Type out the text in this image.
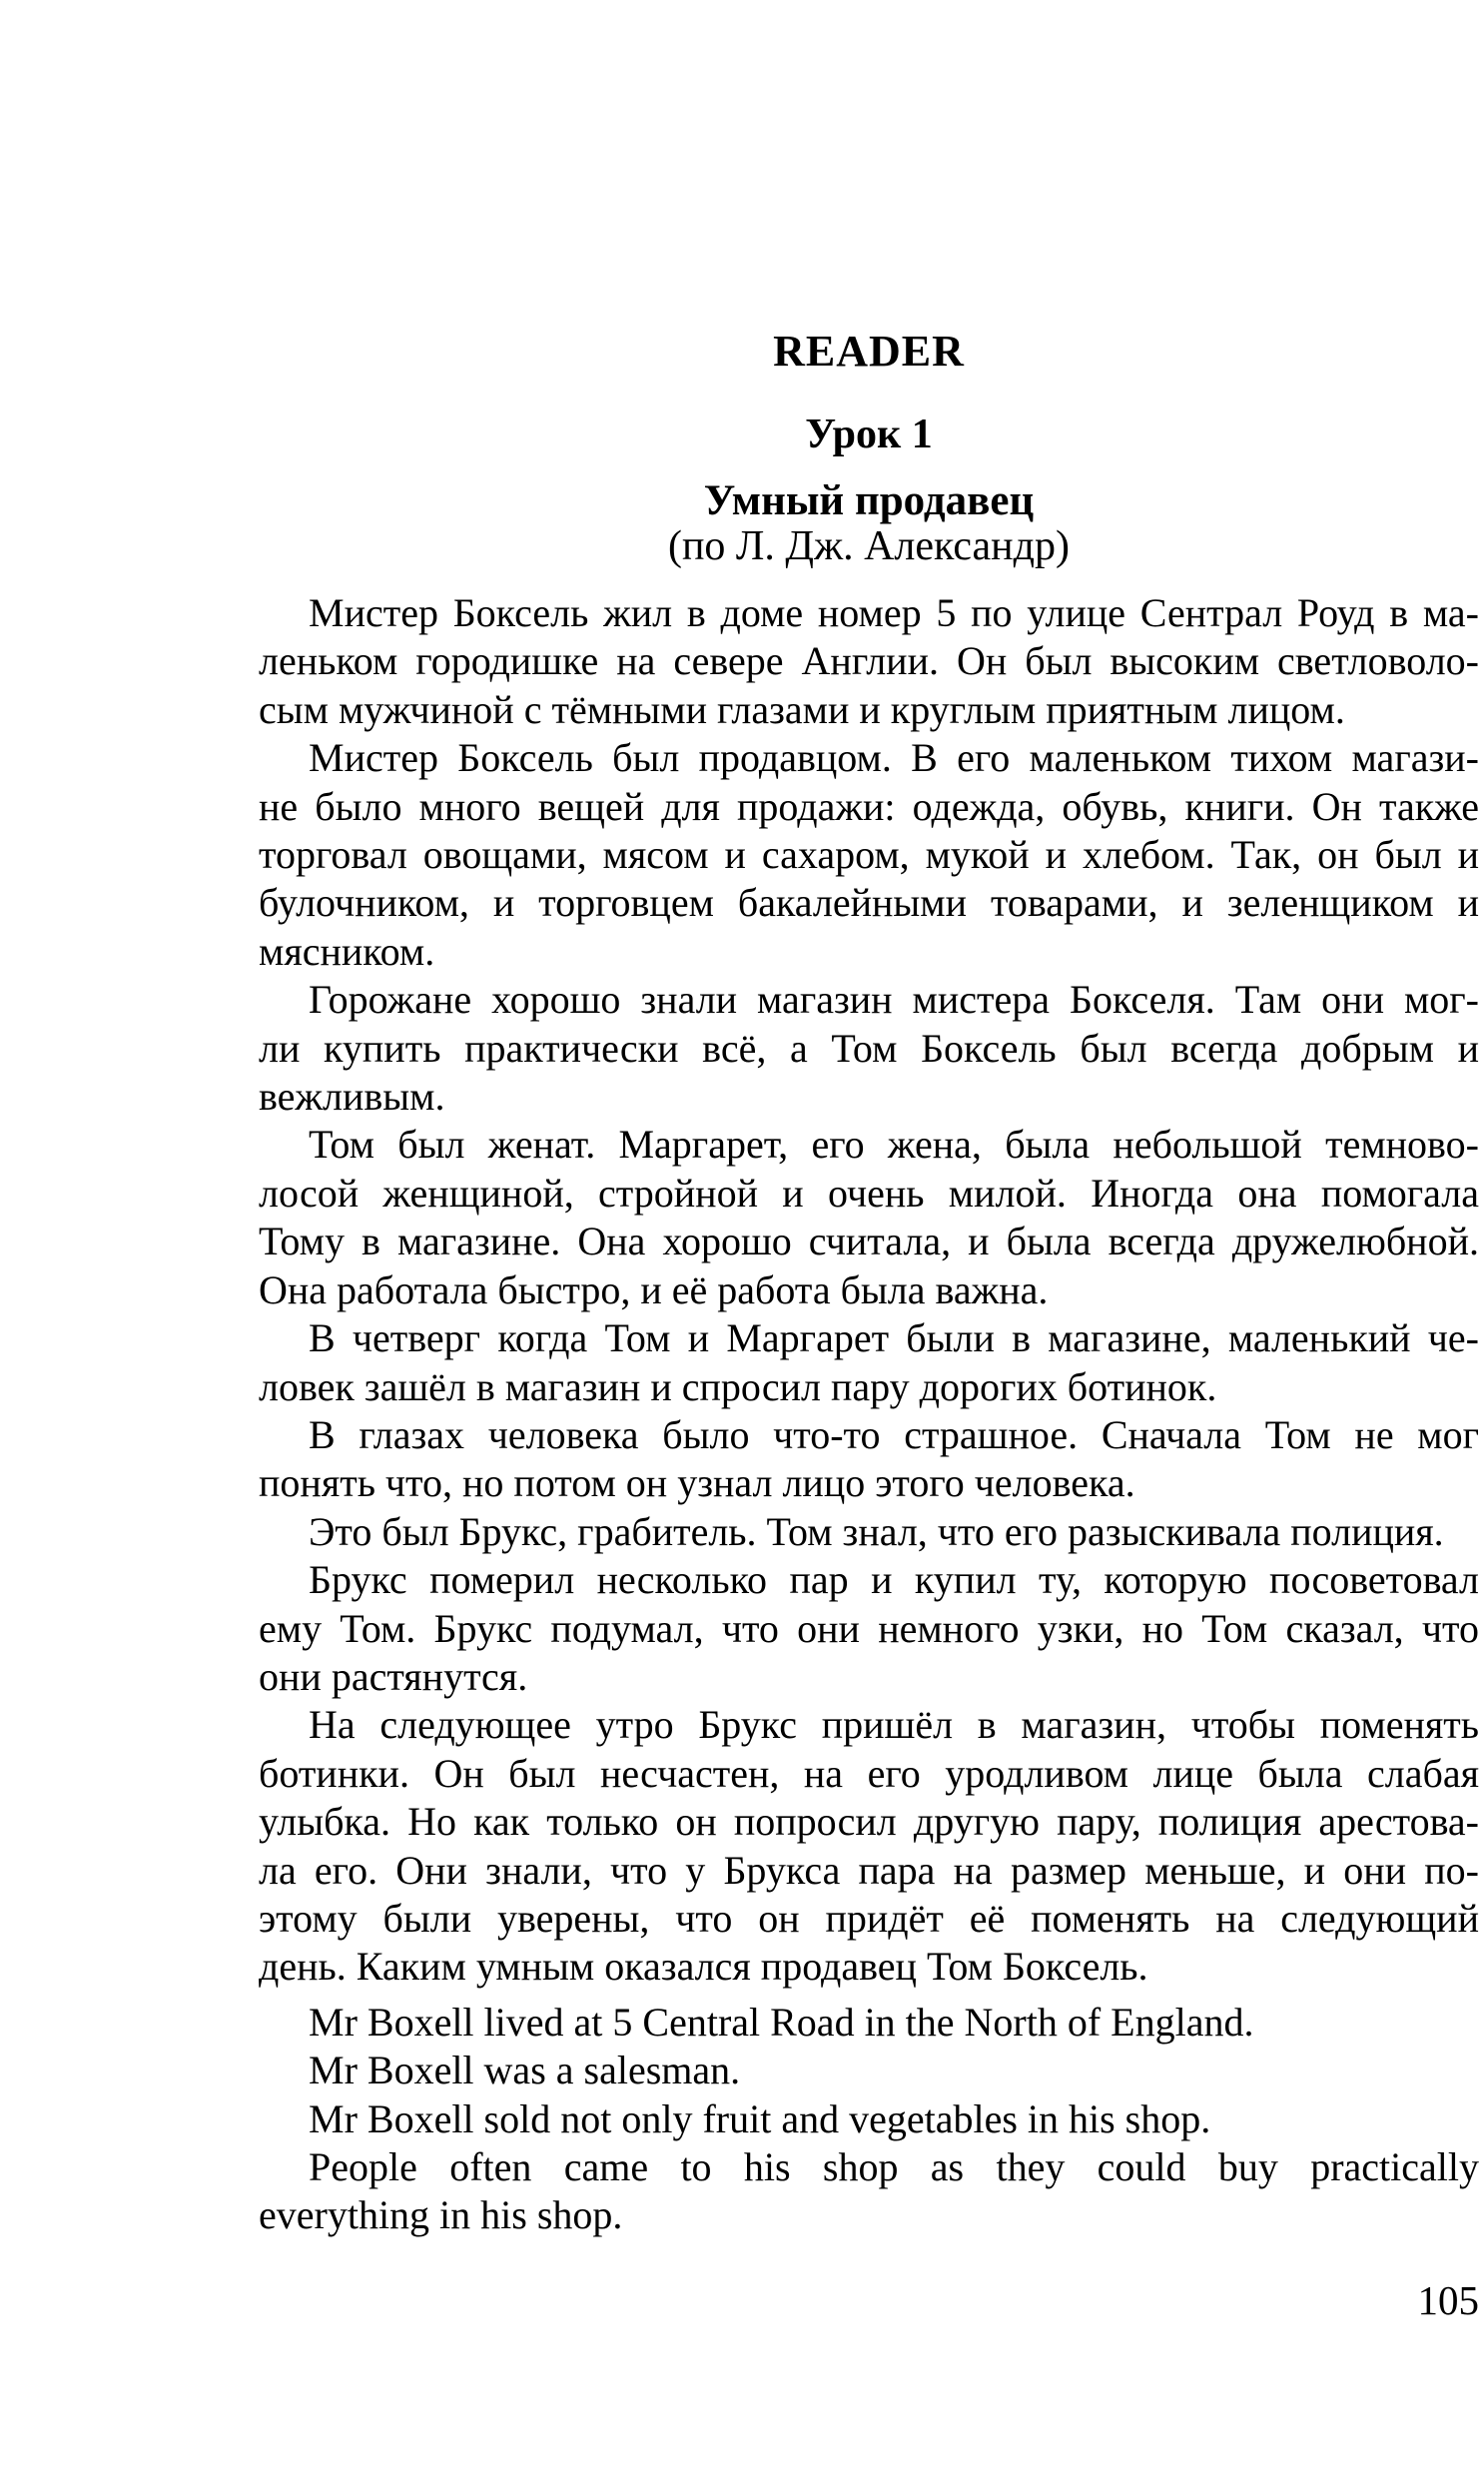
READER
Урок 1
Умный продавец
(по Л. Дж. Александр)
Мистер Боксель жил в доме номер 5 по улице Сентрал Роуд в ма-
леньком городишке на севере Англии. Он был высоким светловоло-
сым мужчиной с тёмными глазами и круглым приятным лицом.
Мистер Боксель был продавцом. В его маленьком тихом магази-
не было много вещей для продажи: одежда, обувь, книги. Он также
торговал овощами, мясом и сахаром, мукой и хлебом. Так, он был и
булочником, и торговцем бакалейными товарами, и зеленщиком и
мясником.
Горожане хорошо знали магазин мистера Бокселя. Там они мог-
ли купить практически всё, а Том Боксель был всегда добрым и
вежливым.
Том был женат. Маргарет, его жена, была небольшой темново-
лосой женщиной, стройной и очень милой. Иногда она помогала
Тому в магазине. Она хорошо считала, и была всегда дружелюбной.
Она работала быстро, и её работа была важна.
В четверг когда Том и Маргарет были в магазине, маленький че-
ловек зашёл в магазин и спросил пару дорогих ботинок.
В глазах человека было что-то страшное. Сначала Том не мог
понять что, но потом он узнал лицо этого человека.
Это был Брукс, грабитель. Том знал, что его разыскивала полиция.
Брукс померил несколько пар и купил ту, которую посоветовал
ему Том. Брукс подумал, что они немного узки, но Том сказал, что
они растянутся.
На следующее утро Брукс пришёл в магазин, чтобы поменять
ботинки. Он был несчастен, на его уродливом лице была слабая
улыбка. Но как только он попросил другую пару, полиция арестова-
ла его. Они знали, что у Брукса пара на размер меньше, и они по-
этому были уверены, что он придёт её поменять на следующий
день. Каким умным оказался продавец Том Боксель.
Mr Boxell lived at 5 Central Road in the North of England.
Mr Boxell was a salesman.
Mr Boxell sold not only fruit and vegetables in his shop.
People often came to his shop as they could buy practically
everything in his shop.
105
